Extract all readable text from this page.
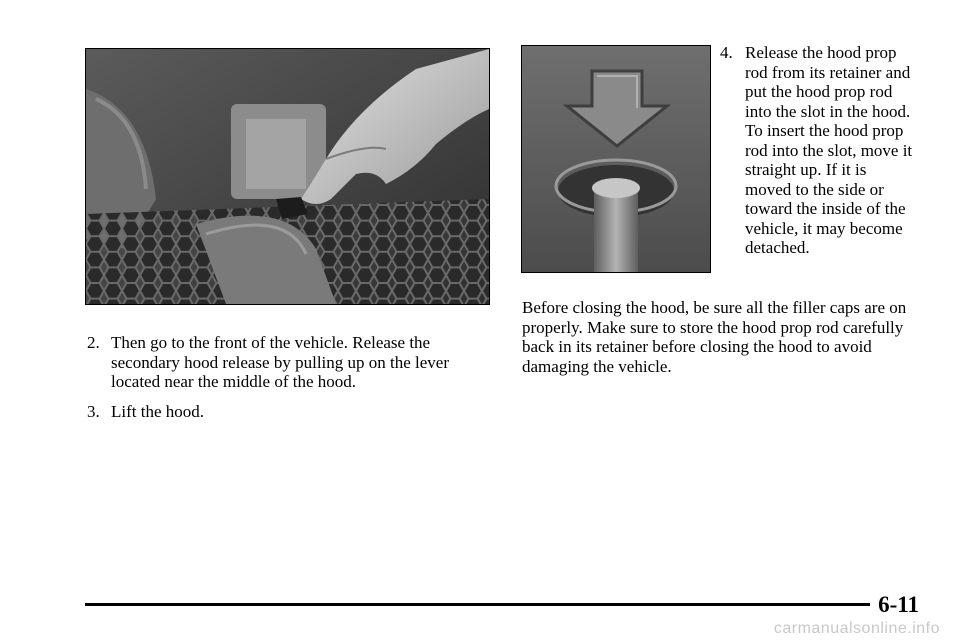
2. Then go to the front of the vehicle. Release the
secondary hood release by pulling up on the lever
located near the middle of the hood.
3. Lift the hood.
4. Release the hood prop
rod from its retainer and
put the hood prop rod
into the slot in the hood.
To insert the hood prop
rod into the slot, move it
straight up. If it is
moved to the side or
toward the inside of the
vehicle, it may become
detached.
Before closing the hood, be sure all the filler caps are on
properly. Make sure to store the hood prop rod carefully
back in its retainer before closing the hood to avoid
damaging the vehicle.
6-11
carmanualsonline.info
